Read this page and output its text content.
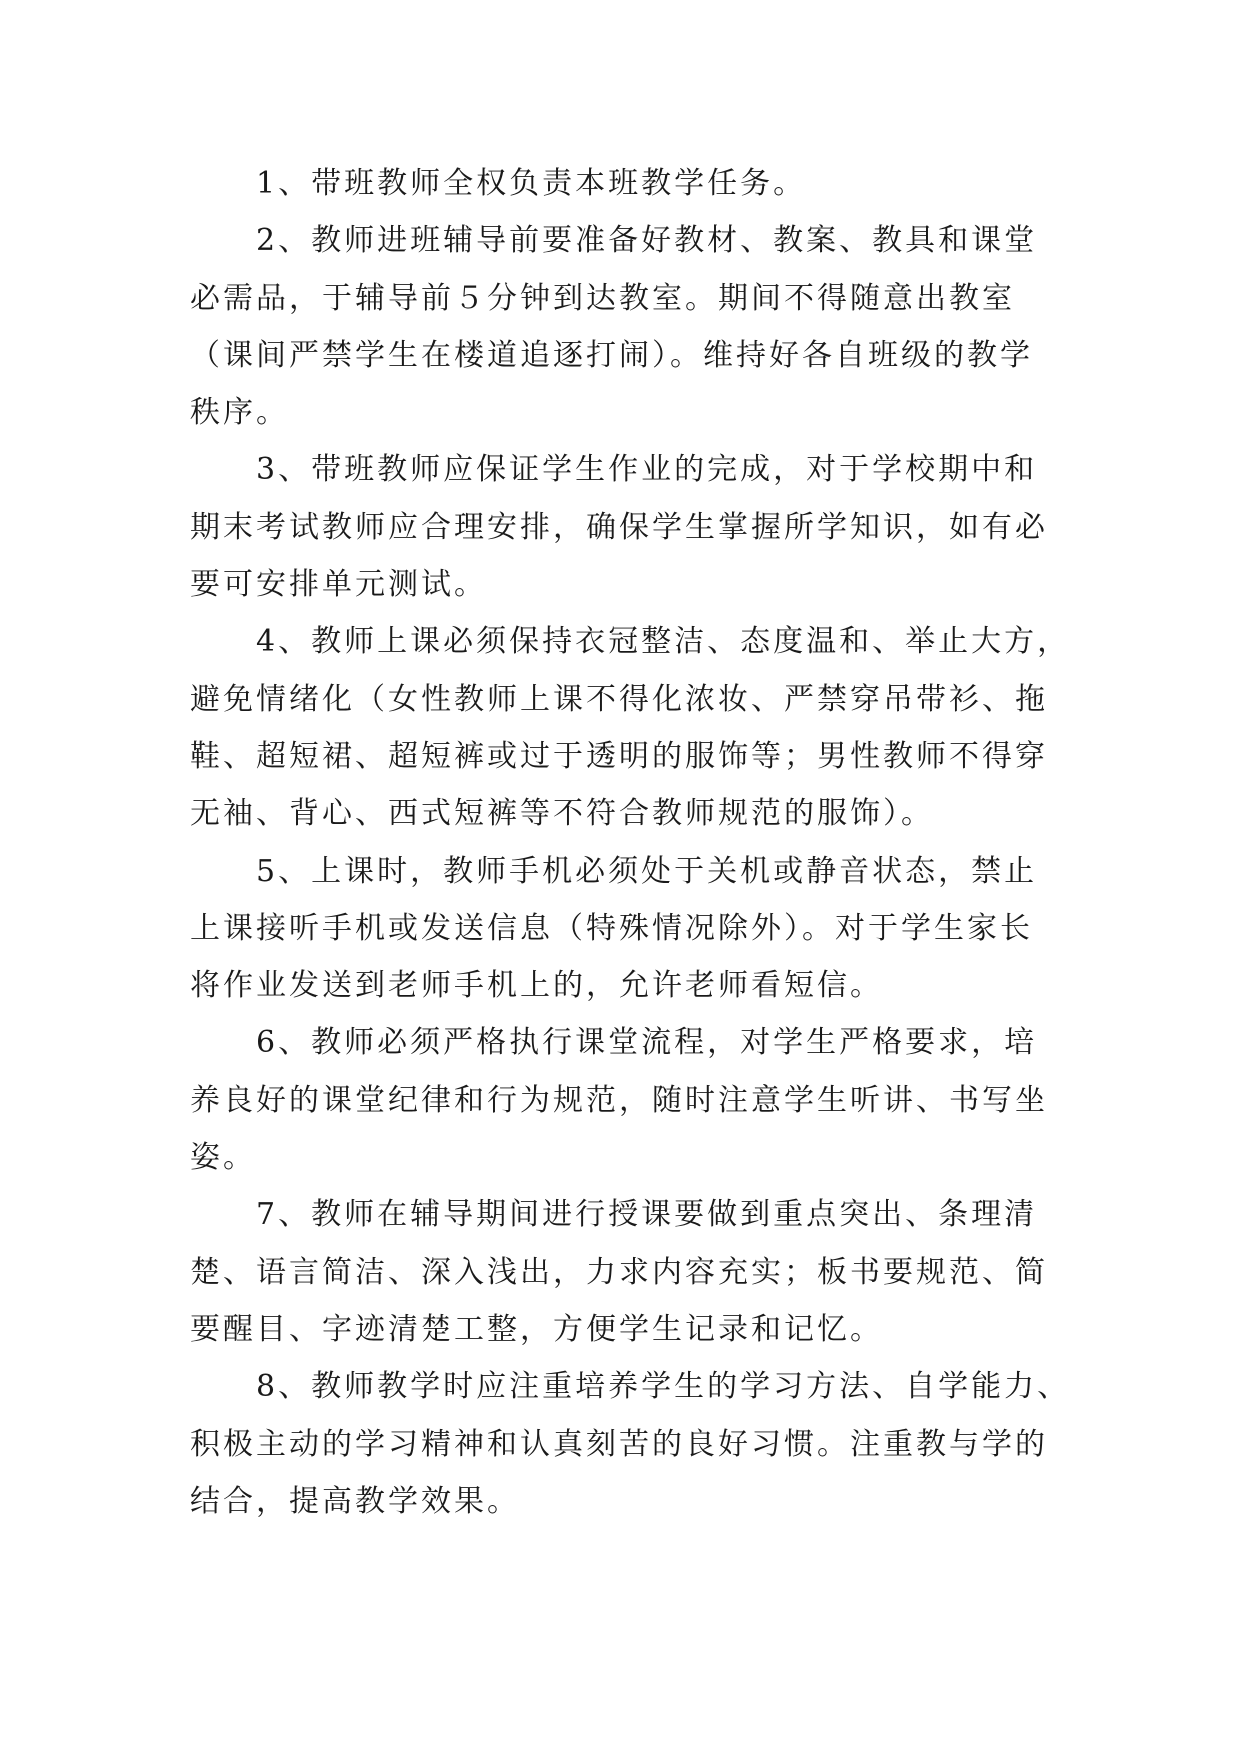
1、带班教师全权负责本班教学任务。

2、教师进班辅导前要准备好教材、教案、教具和课堂
必需品，于辅导前５分钟到达教室。期间不得随意出教室
（课间严禁学生在楼道追逐打闹）。维持好各自班级的教学
秩序。

3、带班教师应保证学生作业的完成，对于学校期中和
期末考试教师应合理安排，确保学生掌握所学知识，如有必
要可安排单元测试。

4、教师上课必须保持衣冠整洁、态度温和、举止大方，
避免情绪化（女性教师上课不得化浓妆、严禁穿吊带衫、拖
鞋、超短裙、超短裤或过于透明的服饰等；男性教师不得穿
无袖、背心、西式短裤等不符合教师规范的服饰）。

5、上课时，教师手机必须处于关机或静音状态，禁止
上课接听手机或发送信息（特殊情况除外）。对于学生家长
将作业发送到老师手机上的，允许老师看短信。

6、教师必须严格执行课堂流程，对学生严格要求，培
养良好的课堂纪律和行为规范，随时注意学生听讲、书写坐
姿。

7、教师在辅导期间进行授课要做到重点突出、条理清
楚、语言简洁、深入浅出，力求内容充实；板书要规范、简
要醒目、字迹清楚工整，方便学生记录和记忆。

8、教师教学时应注重培养学生的学习方法、自学能力、
积极主动的学习精神和认真刻苦的良好习惯。注重教与学的
结合，提高教学效果。
